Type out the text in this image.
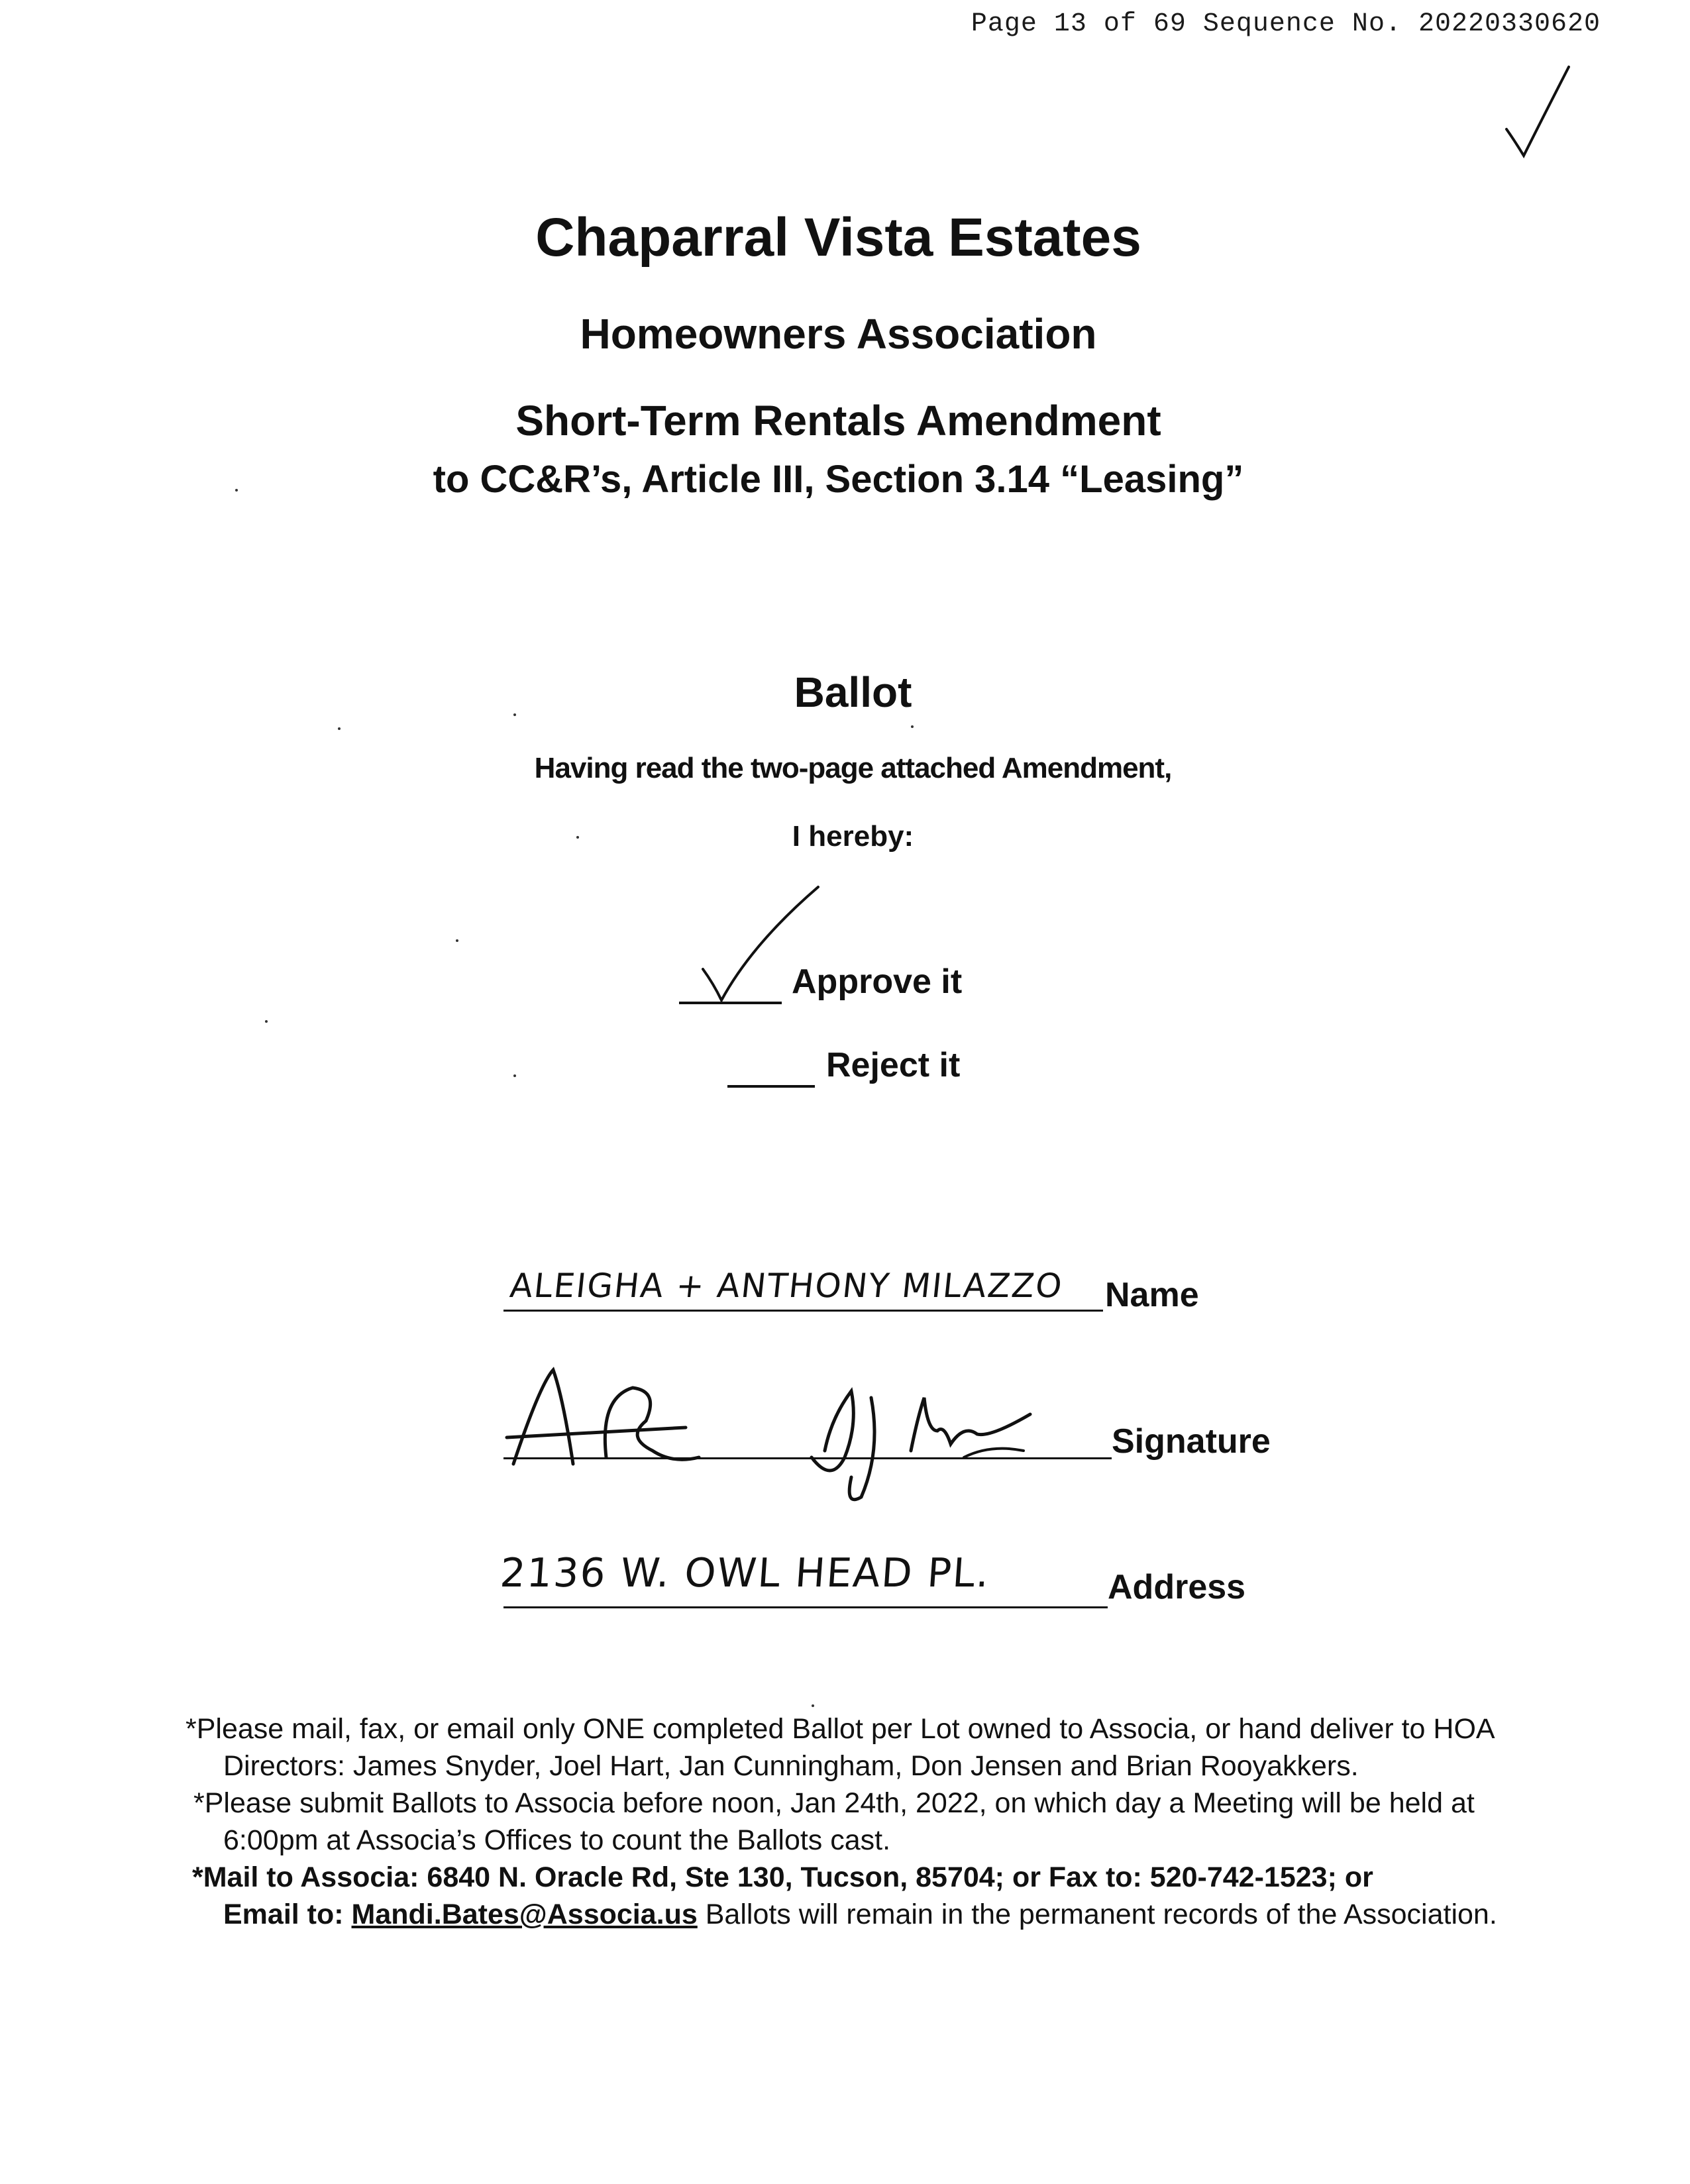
Page 13 of 69 Sequence No. 20220330620
Chaparral Vista Estates
Homeowners Association
Short-Term Rentals Amendment
to CC&R’s, Article III, Section 3.14 “Leasing”
Ballot
Having read the two-page attached Amendment,
I hereby:
Approve it
Reject it
ALEIGHA + ANTHONY MILAZZO Name
Signature
2136 W. OWL HEAD PL.	Address

*Please mail, fax, or email only ONE completed Ballot per Lot owned to Associa, or hand deliver to HOA

Directors: James Snyder, Joel Hart, Jan Cunningham, Don Jensen and Brian Rooyakkers.

*Please submit Ballots to Associa before noon, Jan 24th, 2022, on which day a Meeting will be held at

6:00pm at Associa’s Offices to count the Ballots cast.

*Mail to Associa: 6840 N. Oracle Rd, Ste 130, Tucson, 85704; or Fax to: 520-742-1523; or

Email to: Mandi.Bates@Associa.us Ballots will remain in the permanent records of the Association.
